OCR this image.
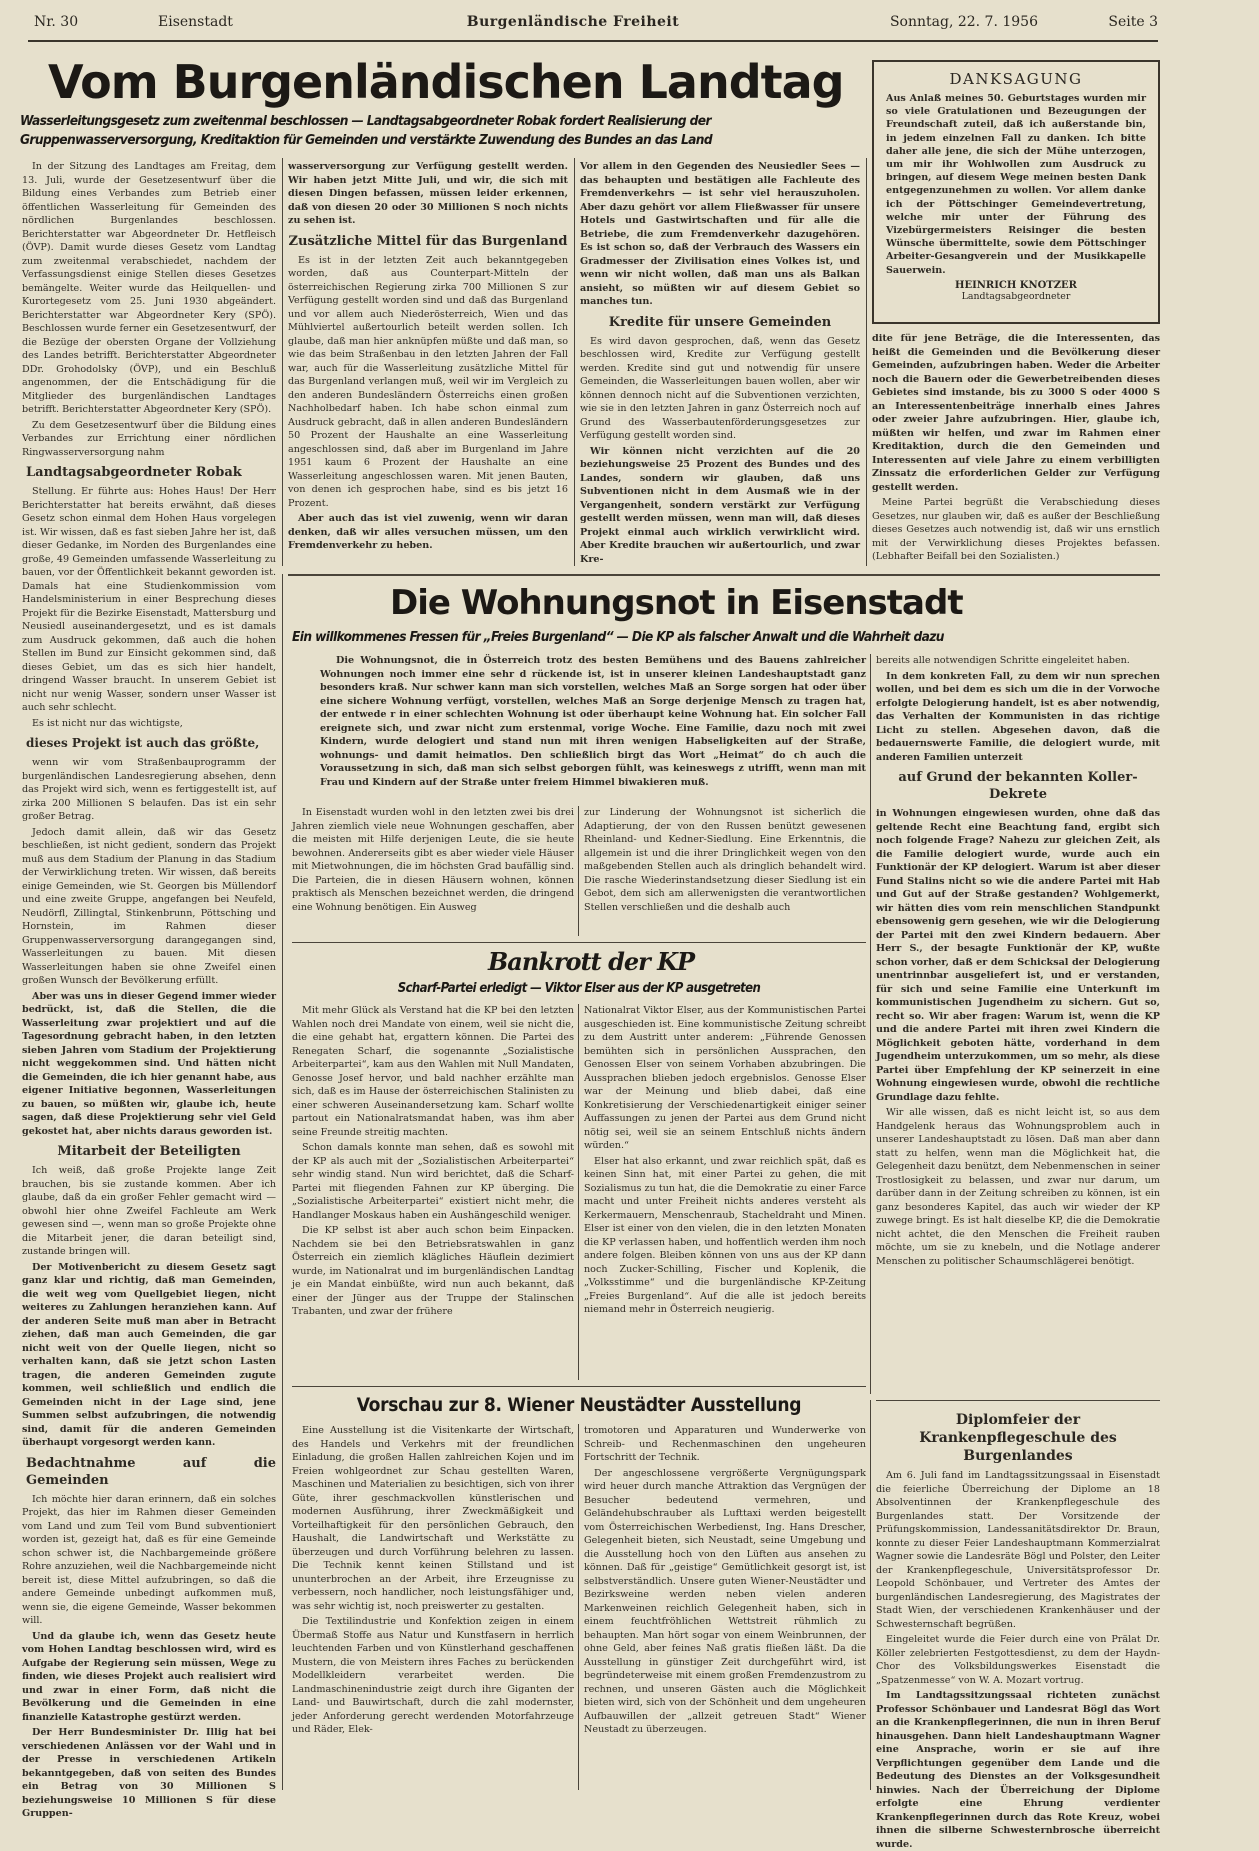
Nr. 30	Eisenstadt	Burgenländische Freiheit	Sonntag, 22. 7. 1956	Seite 3
Vom Burgenländischen Landtag
Wasserleitungsgesetz zum zweitenmal beschlossen — Landtagsabgeordneter Robak fordert Realisierung der
Gruppenwasserversorgung, Kreditaktion für Gemeinden und verstärkte Zuwendung des Bundes an das Land
DANKSAGUNG
Aus Anlaß meines 50. Geburtstages wurden mir so viele Gratulationen und Bezeugungen der Freundschaft zuteil, daß ich außerstande bin, in jedem einzelnen Fall zu danken. Ich bitte daher alle jene, die sich der Mühe unterzogen, um mir ihr Wohlwollen zum Ausdruck zu bringen, auf diesem Wege meinen besten Dank entgegenzunehmen zu wollen. Vor allem danke ich der Pöttschinger Gemeindevertretung, welche mir unter der Führung des Vizebürgermeisters Reisinger die besten Wünsche übermittelte, sowie dem Pöttschinger Arbeiter-Gesangverein und der Musikkapelle Sauerwein.
HEINRICH KNOTZER
Landtagsabgeordneter

In der Sitzung des Landtages am Freitag, dem 13. Juli, wurde der Gesetzesentwurf über die Bildung eines Verbandes zum Betrieb einer öffentlichen Wasserleitung für Gemeinden des nördlichen Burgenlandes beschlossen. Berichterstatter war Abgeordneter Dr. Hetfleisch (ÖVP). Damit wurde dieses Gesetz vom Landtag zum zweitenmal verabschiedet, nachdem der Verfassungsdienst einige Stellen dieses Gesetzes bemängelte. Weiter wurde das Heilquellen- und Kurortegesetz vom 25. Juni 1930 abgeändert. Berichterstatter war Abgeordneter Kery (SPÖ). Beschlossen wurde ferner ein Gesetzesentwurf, der die Bezüge der obersten Organe der Vollziehung des Landes betrifft. Berichterstatter Abgeordneter DDr. Grohodolsky (ÖVP), und ein Beschluß angenommen, der die Entschädigung für die Mitglieder des burgenländischen Landtages betrifft. Berichterstatter Abgeordneter Kery (SPÖ).

Zu dem Gesetzesentwurf über die Bildung eines Verbandes zur Errichtung einer nördlichen Ringwasserversorgung nahm

Landtagsabgeordneter Robak

Stellung. Er führte aus: Hohes Haus! Der Herr Berichterstatter hat bereits erwähnt, daß dieses Gesetz schon einmal dem Hohen Haus vorgelegen ist. Wir wissen, daß es fast sieben Jahre her ist, daß dieser Gedanke, im Norden des Burgenlandes eine große, 49 Gemeinden umfassende Wasserleitung zu bauen, vor der Öffentlichkeit bekannt geworden ist. Damals hat eine Studienkommission vom Handelsministerium in einer Besprechung dieses Projekt für die Bezirke Eisenstadt, Mattersburg und Neusiedl auseinandergesetzt, und es ist damals zum Ausdruck gekommen, daß auch die hohen Stellen im Bund zur Einsicht gekommen sind, daß dieses Gebiet, um das es sich hier handelt, dringend Wasser braucht. In unserem Gebiet ist nicht nur wenig Wasser, sondern unser Wasser ist auch sehr schlecht.

Es ist nicht nur das wichtigste,

dieses Projekt ist auch das größte,

wenn wir vom Straßenbauprogramm der burgenländischen Landesregierung absehen, denn das Projekt wird sich, wenn es fertiggestellt ist, auf zirka 200 Millionen S belaufen. Das ist ein sehr großer Betrag.

Jedoch damit allein, daß wir das Gesetz beschließen, ist nicht gedient, sondern das Projekt muß aus dem Stadium der Planung in das Stadium der Verwirklichung treten. Wir wissen, daß bereits einige Gemeinden, wie St. Georgen bis Müllendorf und eine zweite Gruppe, angefangen bei Neufeld, Neudörfl, Zillingtal, Stinkenbrunn, Pöttsching und Hornstein, im Rahmen dieser Gruppenwasserversorgung darangegangen sind, Wasserleitungen zu bauen. Mit diesen Wasserleitungen haben sie ohne Zweifel einen großen Wunsch der Bevölkerung erfüllt.

Aber was uns in dieser Gegend immer wieder bedrückt, ist, daß die Stellen, die die Wasserleitung zwar projektiert und auf die Tagesordnung gebracht haben, in den letzten sieben Jahren vom Stadium der Projektierung nicht weggekommen sind. Und hätten nicht die Gemeinden, die ich hier genannt habe, aus eigener Initiative begonnen, Wasserleitungen zu bauen, so müßten wir, glaube ich, heute sagen, daß diese Projektierung sehr viel Geld gekostet hat, aber nichts daraus geworden ist.

Mitarbeit der Beteiligten

Ich weiß, daß große Projekte lange Zeit brauchen, bis sie zustande kommen. Aber ich glaube, daß da ein großer Fehler gemacht wird — obwohl hier ohne Zweifel Fachleute am Werk gewesen sind —, wenn man so große Projekte ohne die Mitarbeit jener, die daran beteiligt sind, zustande bringen will.

Der Motivenbericht zu diesem Gesetz sagt ganz klar und richtig, daß man Gemeinden, die weit weg vom Quellgebiet liegen, nicht weiteres zu Zahlungen heranziehen kann. Auf der anderen Seite muß man aber in Betracht ziehen, daß man auch Gemeinden, die gar nicht weit von der Quelle liegen, nicht so verhalten kann, daß sie jetzt schon Lasten tragen, die anderen Gemeinden zugute kommen, weil schließlich und endlich die Gemeinden nicht in der Lage sind, jene Summen selbst aufzubringen, die notwendig sind, damit für die anderen Gemeinden überhaupt vorgesorgt werden kann.

Bedachtnahme auf die Gemeinden

Ich möchte hier daran erinnern, daß ein solches Projekt, das hier im Rahmen dieser Gemeinden vom Land und zum Teil vom Bund subventioniert worden ist, gezeigt hat, daß es für eine Gemeinde schon schwer ist, die Nachbargemeinde größere Rohre anzuziehen, weil die Nachbargemeinde nicht bereit ist, diese Mittel aufzubringen, so daß die andere Gemeinde unbedingt aufkommen muß, wenn sie, die eigene Gemeinde, Wasser bekommen will.

Und da glaube ich, wenn das Gesetz heute vom Hohen Landtag beschlossen wird, wird es Aufgabe der Regierung sein müssen, Wege zu finden, wie dieses Projekt auch realisiert wird und zwar in einer Form, daß nicht die Bevölkerung und die Gemeinden in eine finanzielle Katastrophe gestürzt werden.

Der Herr Bundesminister Dr. Illig hat bei verschiedenen Anlässen vor der Wahl und in der Presse in verschiedenen Artikeln bekanntgegeben, daß von seiten des Bundes ein Betrag von 30 Millionen S beziehungsweise 10 Millionen S für diese Gruppen-

wasserversorgung zur Verfügung gestellt werden. Wir haben jetzt Mitte Juli, und wir, die sich mit diesen Dingen befassen, müssen leider erkennen, daß von diesen 20 oder 30 Millionen S noch nichts zu sehen ist.

Zusätzliche Mittel für das Burgenland

Es ist in der letzten Zeit auch bekanntgegeben worden, daß aus Counterpart-Mitteln der österreichischen Regierung zirka 700 Millionen S zur Verfügung gestellt worden sind und daß das Burgenland und vor allem auch Niederösterreich, Wien und das Mühlviertel außertourlich beteilt werden sollen. Ich glaube, daß man hier anknüpfen müßte und daß man, so wie das beim Straßenbau in den letzten Jahren der Fall war, auch für die Wasserleitung zusätzliche Mittel für das Burgenland verlangen muß, weil wir im Vergleich zu den anderen Bundesländern Österreichs einen großen Nachholbedarf haben. Ich habe schon einmal zum Ausdruck gebracht, daß in allen anderen Bundesländern 50 Prozent der Haushalte an eine Wasserleitung angeschlossen sind, daß aber im Burgenland im Jahre 1951 kaum 6 Prozent der Haushalte an eine Wasserleitung angeschlossen waren. Mit jenen Bauten, von denen ich gesprochen habe, sind es bis jetzt 16 Prozent.

Aber auch das ist viel zuwenig, wenn wir daran denken, daß wir alles versuchen müssen, um den Fremdenverkehr zu heben.

Vor allem in den Gegenden des Neusiedler Sees — das behaupten und bestätigen alle Fachleute des Fremdenverkehrs — ist sehr viel herauszuholen. Aber dazu gehört vor allem Fließwasser für unsere Hotels und Gastwirtschaften und für alle die Betriebe, die zum Fremdenverkehr dazugehören. Es ist schon so, daß der Verbrauch des Wassers ein Gradmesser der Zivilisation eines Volkes ist, und wenn wir nicht wollen, daß man uns als Balkan ansieht, so müßten wir auf diesem Gebiet so manches tun.

Kredite für unsere Gemeinden

Es wird davon gesprochen, daß, wenn das Gesetz beschlossen wird, Kredite zur Verfügung gestellt werden. Kredite sind gut und notwendig für unsere Gemeinden, die Wasserleitungen bauen wollen, aber wir können dennoch nicht auf die Subventionen verzichten, wie sie in den letzten Jahren in ganz Österreich noch auf Grund des Wasserbautenförderungsgesetzes zur Verfügung gestellt worden sind.

Wir können nicht verzichten auf die 20 beziehungsweise 25 Prozent des Bundes und des Landes, sondern wir glauben, daß uns Subventionen nicht in dem Ausmaß wie in der Vergangenheit, sondern verstärkt zur Verfügung gestellt werden müssen, wenn man will, daß dieses Projekt einmal auch wirklich verwirklicht wird. Aber Kredite brauchen wir außertourlich, und zwar Kre-

dite für jene Beträge, die die Interessenten, das heißt die Gemeinden und die Bevölkerung dieser Gemeinden, aufzubringen haben. Weder die Arbeiter noch die Bauern oder die Gewerbetreibenden dieses Gebietes sind imstande, bis zu 3000 S oder 4000 S an Interessentenbeiträge innerhalb eines Jahres oder zweier Jahre aufzubringen. Hier, glaube ich, müßten wir helfen, und zwar im Rahmen einer Kreditaktion, durch die den Gemeinden und Interessenten auf viele Jahre zu einem verbilligten Zinssatz die erforderlichen Gelder zur Verfügung gestellt werden.

Meine Partei begrüßt die Verabschiedung dieses Gesetzes, nur glauben wir, daß es außer der Beschließung dieses Gesetzes auch notwendig ist, daß wir uns ernstlich mit der Verwirklichung dieses Projektes befassen. (Lebhafter Beifall bei den Sozialisten.)

Die Wohnungsnot in Eisenstadt
Ein willkommenes Fressen für „Freies Burgenland“ — Die KP als falscher Anwalt und die Wahrheit dazu

Die Wohnungsnot, die in Österreich trotz des besten Bemühens und des Bauens zahlreicher Wohnungen noch immer eine sehr d rückende ist, ist in unserer kleinen Landeshauptstadt ganz besonders kraß. Nur schwer kann man sich vorstellen, welches Maß an Sorge sorgen hat oder über eine sichere Wohnung verfügt, vorstellen, welches Maß an Sorge derjenige Mensch zu tragen hat, der entwede r in einer schlechten Wohnung ist oder überhaupt keine Wohnung hat. Ein solcher Fall ereignete sich, und zwar nicht zum erstenmal, vorige Woche. Eine Familie, dazu noch mit zwei Kindern, wurde delogiert und stand nun mit ihren wenigen Habseligkeiten auf der Straße, wohnungs- und damit heimatlos. Den schließlich birgt das Wort „Heimat“ do ch auch die Voraussetzung in sich, daß man sich selbst geborgen fühlt, was keineswegs z utrifft, wenn man mit Frau und Kindern auf der Straße unter freiem Himmel biwakieren muß.

In Eisenstadt wurden wohl in den letzten zwei bis drei Jahren ziemlich viele neue Wohnungen geschaffen, aber die meisten mit Hilfe derjenigen Leute, die sie heute bewohnen. Andererseits gibt es aber wieder viele Häuser mit Mietwohnungen, die im höchsten Grad baufällig sind. Die Parteien, die in diesen Häusern wohnen, können praktisch als Menschen bezeichnet werden, die dringend eine Wohnung benötigen. Ein Ausweg

zur Linderung der Wohnungsnot ist sicherlich die Adaptierung, der von den Russen benützt gewesenen Rheinland- und Kedner-Siedlung. Eine Erkenntnis, die allgemein ist und die ihrer Dringlichkeit wegen von den maßgebenden Stellen auch als dringlich behandelt wird. Die rasche Wiederinstandsetzung dieser Siedlung ist ein Gebot, dem sich am allerwenigsten die verantwortlichen Stellen verschließen und die deshalb auch

bereits alle notwendigen Schritte eingeleitet haben.

In dem konkreten Fall, zu dem wir nun sprechen wollen, und bei dem es sich um die in der Vorwoche erfolgte Delogierung handelt, ist es aber notwendig, das Verhalten der Kommunisten in das richtige Licht zu stellen. Abgesehen davon, daß die bedauernswerte Familie, die delogiert wurde, mit anderen Familien unterzeit

auf Grund der bekannten Koller-Dekrete

in Wohnungen eingewiesen wurden, ohne daß das geltende Recht eine Beachtung fand, ergibt sich noch folgende Frage? Nahezu zur gleichen Zeit, als die Familie delogiert wurde, wurde auch ein Funktionär der KP delogiert. Warum ist aber dieser Fund Stalins nicht so wie die andere Partei mit Hab und Gut auf der Straße gestanden? Wohlgemerkt, wir hätten dies vom rein menschlichen Standpunkt ebensowenig gern gesehen, wie wir die Delogierung der Partei mit den zwei Kindern bedauern. Aber Herr S., der besagte Funktionär der KP, wußte schon vorher, daß er dem Schicksal der Delogierung unentrinnbar ausgeliefert ist, und er verstanden, für sich und seine Familie eine Unterkunft im kommunistischen Jugendheim zu sichern. Gut so, recht so. Wir aber fragen: Warum ist, wenn die KP und die andere Partei mit ihren zwei Kindern die Möglichkeit geboten hätte, vorderhand in dem Jugendheim unterzukommen, um so mehr, als diese Partei über Empfehlung der KP seinerzeit in eine Wohnung eingewiesen wurde, obwohl die rechtliche Grundlage dazu fehlte.

Wir alle wissen, daß es nicht leicht ist, so aus dem Handgelenk heraus das Wohnungsproblem auch in unserer Landeshauptstadt zu lösen. Daß man aber dann statt zu helfen, wenn man die Möglichkeit hat, die Gelegenheit dazu benützt, dem Nebenmenschen in seiner Trostlosigkeit zu belassen, und zwar nur darum, um darüber dann in der Zeitung schreiben zu können, ist ein ganz besonderes Kapitel, das auch wir wieder der KP zuwege bringt. Es ist halt dieselbe KP, die die Demokratie nicht achtet, die den Menschen die Freiheit rauben möchte, um sie zu knebeln, und die Notlage anderer Menschen zu politischer Schaumschlägerei benötigt.

Bankrott der KP
Scharf-Partei erledigt — Viktor Elser aus der KP ausgetreten

Mit mehr Glück als Verstand hat die KP bei den letzten Wahlen noch drei Mandate von einem, weil sie nicht die, die eine gehabt hat, ergattern können. Die Partei des Renegaten Scharf, die sogenannte „Sozialistische Arbeiterpartei“, kam aus den Wahlen mit Null Mandaten, Genosse Josef hervor, und bald nachher erzählte man sich, daß es im Hause der österreichischen Stalinisten zu einer schweren Auseinandersetzung kam. Scharf wollte partout ein Nationalratsmandat haben, was ihm aber seine Freunde streitig machten.

Schon damals konnte man sehen, daß es sowohl mit der KP als auch mit der „Sozialistischen Arbeiterpartei“ sehr windig stand. Nun wird berichtet, daß die Scharf-Partei mit fliegenden Fahnen zur KP überging. Die „Sozialistische Arbeiterpartei“ existiert nicht mehr, die Handlanger Moskaus haben ein Aushängeschild weniger.

Die KP selbst ist aber auch schon beim Einpacken. Nachdem sie bei den Betriebsratswahlen in ganz Österreich ein ziemlich klägliches Häuflein dezimiert wurde, im Nationalrat und im burgenländischen Landtag je ein Mandat einbüßte, wird nun auch bekannt, daß einer der Jünger aus der Truppe der Stalinschen Trabanten, und zwar der frühere

Nationalrat Viktor Elser, aus der Kommunistischen Partei ausgeschieden ist. Eine kommunistische Zeitung schreibt zu dem Austritt unter anderem: „Führende Genossen bemühten sich in persönlichen Aussprachen, den Genossen Elser von seinem Vorhaben abzubringen. Die Aussprachen blieben jedoch ergebnislos. Genosse Elser war der Meinung und blieb dabei, daß eine Konkretisierung der Verschiedenartigkeit einiger seiner Auffassungen zu jenen der Partei aus dem Grund nicht nötig sei, weil sie an seinem Entschluß nichts ändern würden.“

Elser hat also erkannt, und zwar reichlich spät, daß es keinen Sinn hat, mit einer Partei zu gehen, die mit Sozialismus zu tun hat, die die Demokratie zu einer Farce macht und unter Freiheit nichts anderes versteht als Kerkermauern, Menschenraub, Stacheldraht und Minen. Elser ist einer von den vielen, die in den letzten Monaten die KP verlassen haben, und hoffentlich werden ihm noch andere folgen. Bleiben können von uns aus der KP dann noch Zucker-Schilling, Fischer und Koplenik, die „Volksstimme“ und die burgenländische KP-Zeitung „Freies Burgenland“. Auf die alle ist jedoch bereits niemand mehr in Österreich neugierig.

Vorschau zur 8. Wiener Neustädter Ausstellung

Eine Ausstellung ist die Visitenkarte der Wirtschaft, des Handels und Verkehrs mit der freundlichen Einladung, die großen Hallen zahlreichen Kojen und im Freien wohlgeordnet zur Schau gestellten Waren, Maschinen und Materialien zu besichtigen, sich von ihrer Güte, ihrer geschmackvollen künstlerischen und modernen Ausführung, ihrer Zweckmäßigkeit und Vorteilhaftigkeit für den persönlichen Gebrauch, den Haushalt, die Landwirtschaft und Werkstätte zu überzeugen und durch Vorführung belehren zu lassen. Die Technik kennt keinen Stillstand und ist ununterbrochen an der Arbeit, ihre Erzeugnisse zu verbessern, noch handlicher, noch leistungsfähiger und, was sehr wichtig ist, noch preiswerter zu gestalten.

Die Textilindustrie und Konfektion zeigen in einem Übermaß Stoffe aus Natur und Kunstfasern in herrlich leuchtenden Farben und von Künstlerhand geschaffenen Mustern, die von Meistern ihres Faches zu berückenden Modellkleidern verarbeitet werden. Die Landmaschinenindustrie zeigt durch ihre Giganten der Land- und Bauwirtschaft, durch die zahl modernster, jeder Anforderung gerecht werdenden Motorfahrzeuge und Räder, Elek-

tromotoren und Apparaturen und Wunderwerke von Schreib- und Rechenmaschinen den ungeheuren Fortschritt der Technik.

Der angeschlossene vergrößerte Vergnügungspark wird heuer durch manche Attraktion das Vergnügen der Besucher bedeutend vermehren, und Geländehubschrauber als Lufttaxi werden beigestellt vom Österreichischen Werbedienst, Ing. Hans Drescher, Gelegenheit bieten, sich Neustadt, seine Umgebung und die Ausstellung hoch von den Lüften aus ansehen zu können. Daß für „geistige“ Gemütlichkeit gesorgt ist, ist selbstverständlich. Unsere guten Wiener-Neustädter und Bezirksweine werden neben vielen anderen Markenweinen reichlich Gelegenheit haben, sich in einem feuchtfröhlichen Wettstreit rühmlich zu behaupten. Man hört sogar von einem Weinbrunnen, der ohne Geld, aber feines Naß gratis fließen läßt. Da die Ausstellung in günstiger Zeit durchgeführt wird, ist begründeterweise mit einem großen Fremdenzustrom zu rechnen, und unseren Gästen auch die Möglichkeit bieten wird, sich von der Schönheit und dem ungeheuren Aufbauwillen der „allzeit getreuen Stadt“ Wiener Neustadt zu überzeugen.

Diplomfeier der Krankenpflegeschule des Burgenlandes

Am 6. Juli fand im Landtagssitzungssaal in Eisenstadt die feierliche Überreichung der Diplome an 18 Absolventinnen der Krankenpflegeschule des Burgenlandes statt. Der Vorsitzende der Prüfungskommission, Landessanitätsdirektor Dr. Braun, konnte zu dieser Feier Landeshauptmann Kommerzialrat Wagner sowie die Landesräte Bögl und Polster, den Leiter der Krankenpflegeschule, Universitätsprofessor Dr. Leopold Schönbauer, und Vertreter des Amtes der burgenländischen Landesregierung, des Magistrates der Stadt Wien, der verschiedenen Krankenhäuser und der Schwesternschaft begrüßen.

Eingeleitet wurde die Feier durch eine von Prälat Dr. Köller zelebrierten Festgottesdienst, zu dem der Haydn-Chor des Volksbildungswerkes Eisenstadt die „Spatzenmesse“ von W. A. Mozart vortrug.

Im Landtagssitzungssaal richteten zunächst Professor Schönbauer und Landesrat Bögl das Wort an die Krankenpflegerinnen, die nun in ihren Beruf hinausgehen. Dann hielt Landeshauptmann Wagner eine Ansprache, worin er sie auf ihre Verpflichtungen gegenüber dem Lande und die Bedeutung des Dienstes an der Volksgesundheit hinwies. Nach der Überreichung der Diplome erfolgte eine Ehrung verdienter Krankenpflegerinnen durch das Rote Kreuz, wobei ihnen die silberne Schwesternbrosche überreicht wurde.
